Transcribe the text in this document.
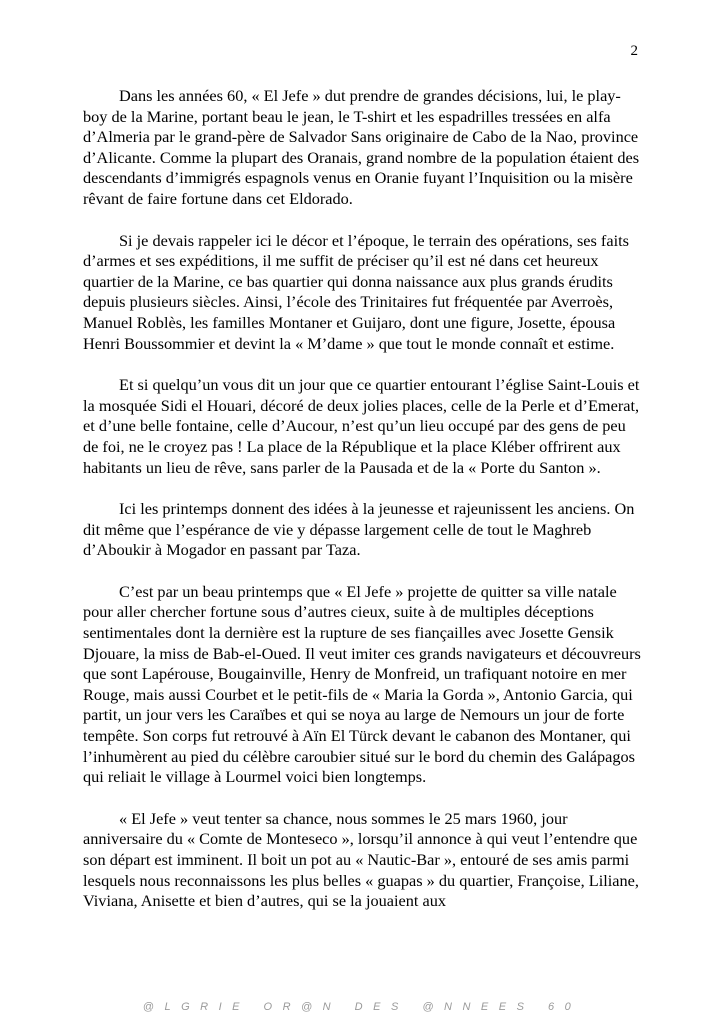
2

Dans les années 60, « El Jefe » dut prendre de grandes décisions, lui, le play-boy de la Marine, portant beau le jean, le T-shirt et les espadrilles tressées en alfa d’Almeria par le grand-père de Salvador Sans originaire de Cabo de la Nao, province d’Alicante. Comme la plupart des Oranais, grand nombre de la population étaient des descendants d’immigrés espagnols venus en Oranie fuyant l’Inquisition ou la misère rêvant de faire fortune dans cet Eldorado.

Si je devais rappeler ici le décor et l’époque, le terrain des opérations, ses faits d’armes et ses expéditions, il me suffit de préciser qu’il est né dans cet heureux quartier de la Marine, ce bas quartier qui donna naissance aux plus grands érudits depuis plusieurs siècles. Ainsi, l’école des Trinitaires fut fréquentée par Averroès, Manuel Roblès, les familles Montaner et Guijaro, dont une figure, Josette, épousa Henri Boussommier et devint la « M’dame » que tout le monde connaît et estime.

Et si quelqu’un vous dit un jour que ce quartier entourant l’église Saint-Louis et la mosquée Sidi el Houari, décoré de deux jolies places, celle de la Perle et d’Emerat, et d’une belle fontaine, celle d’Aucour, n’est qu’un lieu occupé par des gens de peu de foi, ne le croyez pas ! La place de la République et la place Kléber offrirent aux habitants un lieu de rêve, sans parler de la Pausada et de la « Porte du Santon ».

Ici les printemps donnent des idées à la jeunesse et rajeunissent les anciens. On dit même que l’espérance de vie y dépasse largement celle de tout le Maghreb d’Aboukir à Mogador en passant par Taza.

C’est par un beau printemps que « El Jefe » projette de quitter sa ville natale pour aller chercher fortune sous d’autres cieux, suite à de multiples déceptions sentimentales dont la dernière est la rupture de ses fiançailles avec Josette Gensik Djouare, la miss de Bab-el-Oued. Il veut imiter ces grands navigateurs et découvreurs que sont Lapérouse, Bougainville, Henry de Monfreid, un trafiquant notoire en mer Rouge, mais aussi Courbet et le petit-fils de « Maria la Gorda », Antonio Garcia, qui partit, un jour vers les Caraïbes et qui se noya au large de Nemours un jour de forte tempête. Son corps fut retrouvé à Aïn El Türck devant le cabanon des Montaner, qui l’inhumèrent au pied du célèbre caroubier situé sur le bord du chemin des Galápagos qui reliait le village à Lourmel voici bien longtemps.

« El Jefe » veut tenter sa chance, nous sommes le 25 mars 1960, jour anniversaire du « Comte de Monteseco », lorsqu’il annonce à qui veut l’entendre que son départ est imminent. Il boit un pot au « Nautic-Bar », entouré de ses amis parmi lesquels nous reconnaissons les plus belles « guapas » du quartier, Françoise, Liliane, Viviana, Anisette et bien d’autres, qui se la jouaient aux

@LGRIE OR@N DES @NNEES 60
